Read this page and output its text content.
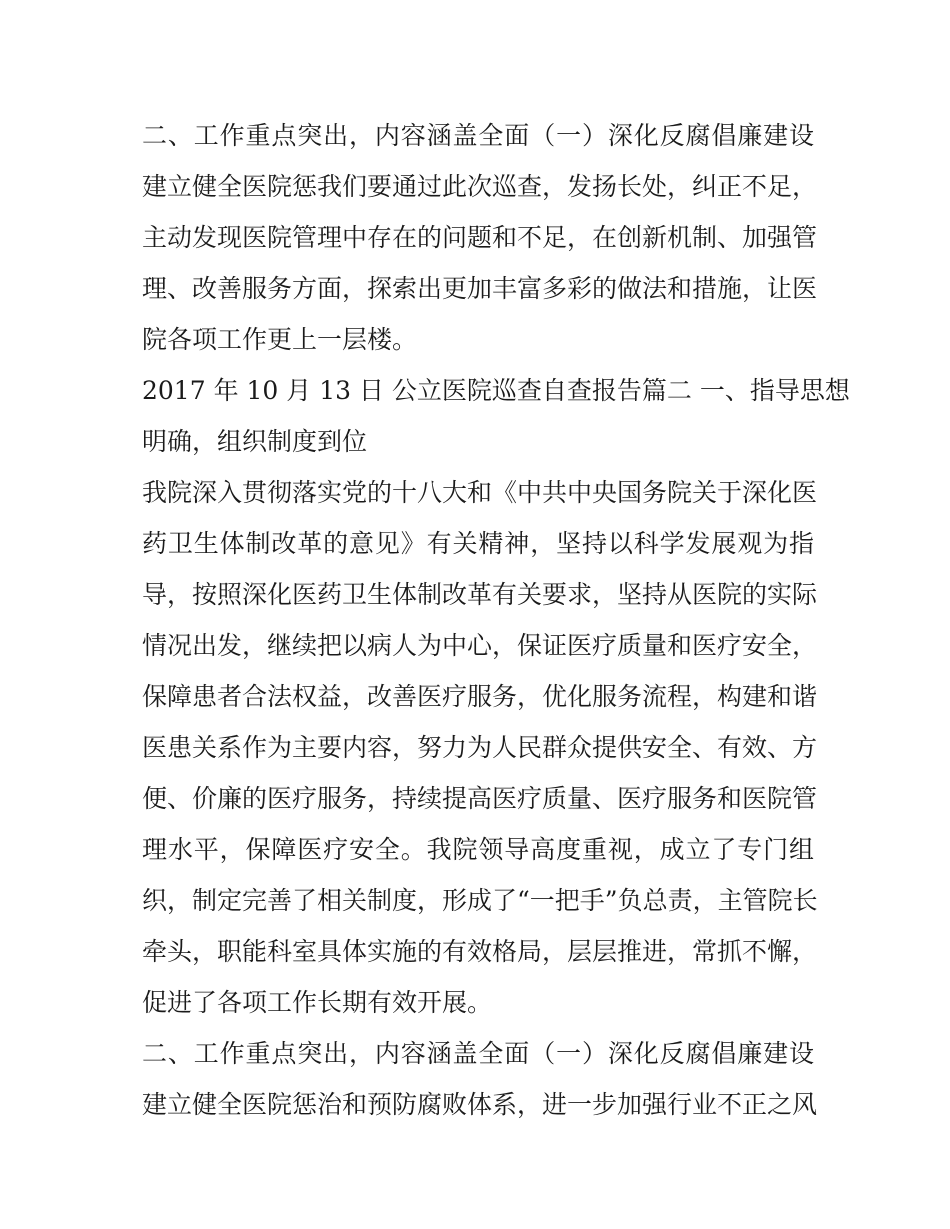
二、工作重点突出，内容涵盖全面（一）深化反腐倡廉建设
建立健全医院惩我们要通过此次巡查，发扬长处，纠正不足，
主动发现医院管理中存在的问题和不足，在创新机制、加强管
理、改善服务方面，探索出更加丰富多彩的做法和措施，让医
院各项工作更上一层楼。
2017 年 10 月 13 日 公立医院巡查自查报告篇二 一、指导思想
明确，组织制度到位
我院深入贯彻落实党的十八大和《中共中央国务院关于深化医
药卫生体制改革的意见》有关精神，坚持以科学发展观为指
导，按照深化医药卫生体制改革有关要求，坚持从医院的实际
情况出发，继续把以病人为中心，保证医疗质量和医疗安全，
保障患者合法权益，改善医疗服务，优化服务流程，构建和谐
医患关系作为主要内容，努力为人民群众提供安全、有效、方
便、价廉的医疗服务，持续提高医疗质量、医疗服务和医院管
理水平，保障医疗安全。我院领导高度重视，成立了专门组
织，制定完善了相关制度，形成了“一把手”负总责，主管院长
牵头，职能科室具体实施的有效格局，层层推进，常抓不懈，
促进了各项工作长期有效开展。
二、工作重点突出，内容涵盖全面（一）深化反腐倡廉建设
建立健全医院惩治和预防腐败体系，进一步加强行业不正之风
